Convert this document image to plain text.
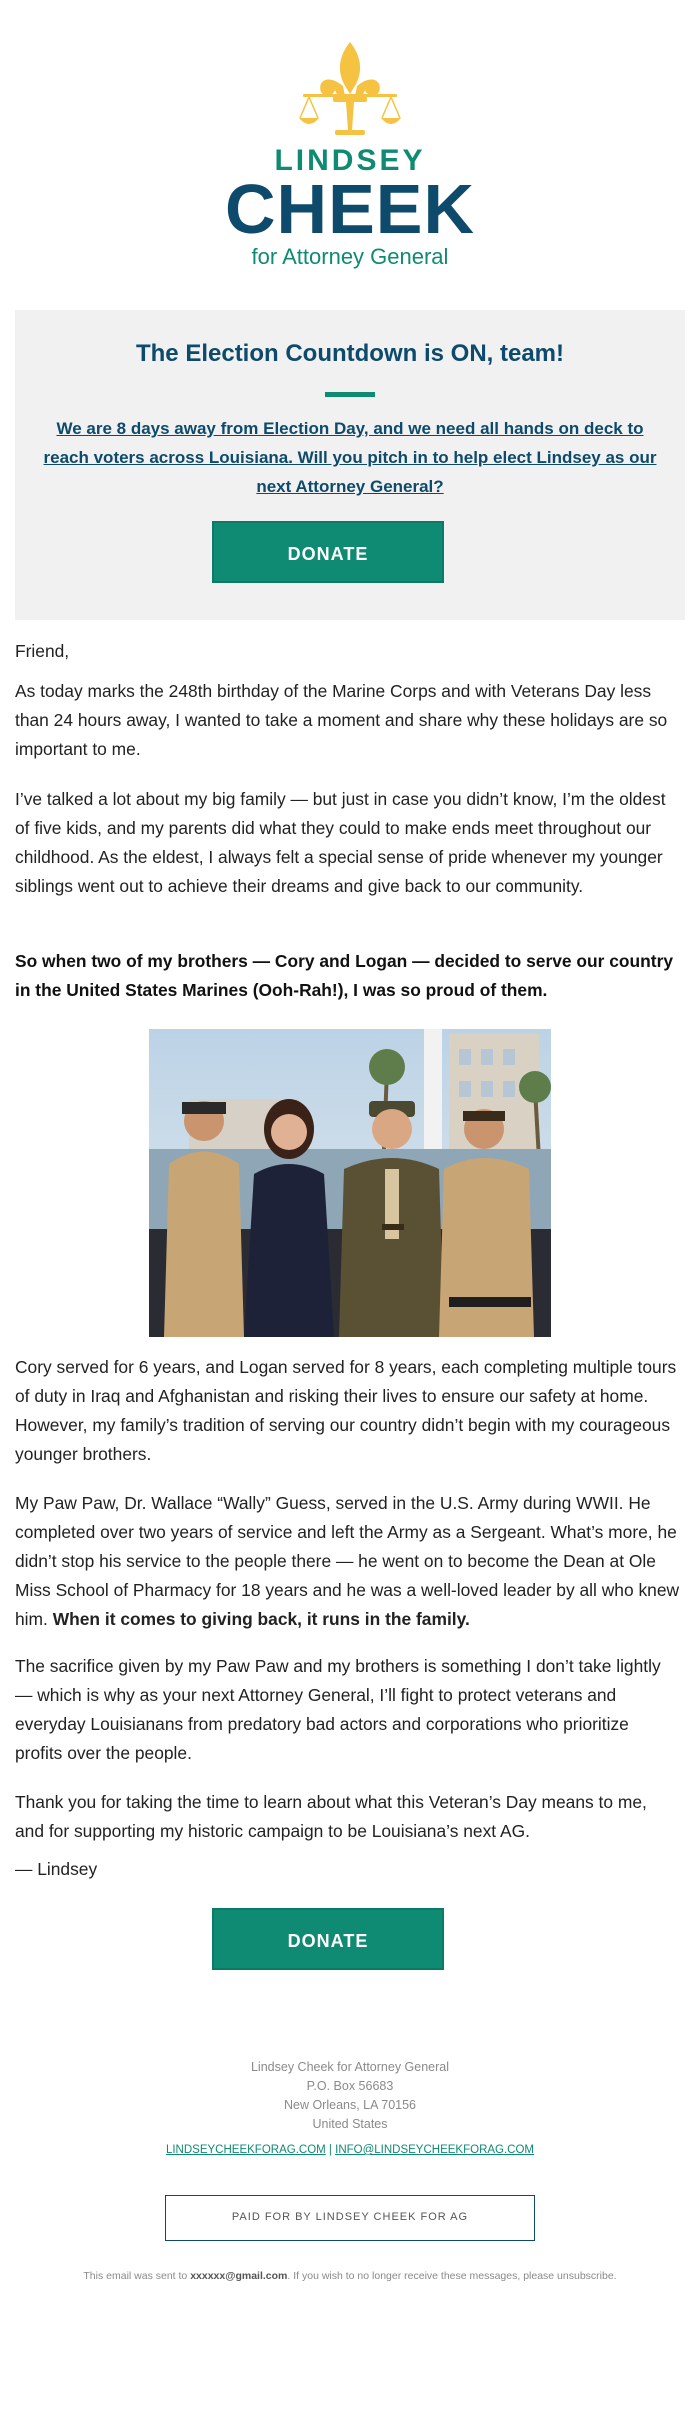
LINDSEY
CHEEK
for Attorney General
The Election Countdown is ON, team!
We are 8 days away from Election Day, and we need all hands on deck to reach voters across Louisiana. Will you pitch in to help elect Lindsey as our next Attorney General?
DONATE

Friend,

As today marks the 248th birthday of the Marine Corps and with Veterans Day less than 24 hours away, I wanted to take a moment and share why these holidays are so important to me.

I’ve talked a lot about my big family — but just in case you didn’t know, I’m the oldest of five kids, and my parents did what they could to make ends meet throughout our childhood. As the eldest, I always felt a special sense of pride whenever my younger siblings went out to achieve their dreams and give back to our community.

So when two of my brothers — Cory and Logan — decided to serve our country in the United States Marines (Ooh-Rah!), I was so proud of them.

Cory served for 6 years, and Logan served for 8 years, each completing multiple tours of duty in Iraq and Afghanistan and risking their lives to ensure our safety at home. However, my family’s tradition of serving our country didn’t begin with my courageous younger brothers.

My Paw Paw, Dr. Wallace “Wally” Guess, served in the U.S. Army during WWII. He completed over two years of service and left the Army as a Sergeant. What’s more, he didn’t stop his service to the people there — he went on to become the Dean at Ole Miss School of Pharmacy for 18 years and he was a well-loved leader by all who knew him. When it comes to giving back, it runs in the family.

The sacrifice given by my Paw Paw and my brothers is something I don’t take lightly — which is why as your next Attorney General, I’ll fight to protect veterans and everyday Louisianans from predatory bad actors and corporations who prioritize profits over the people.

Thank you for taking the time to learn about what this Veteran’s Day means to me, and for supporting my historic campaign to be Louisiana’s next AG.

— Lindsey

DONATE
Lindsey Cheek for Attorney General
P.O. Box 56683
New Orleans, LA 70156
United States
LINDSEYCHEEKFORAG.COM | INFO@LINDSEYCHEEKFORAG.COM
PAID FOR BY LINDSEY CHEEK FOR AG
This email was sent to xxxxxx@gmail.com. If you wish to no longer receive these messages, please unsubscribe.
